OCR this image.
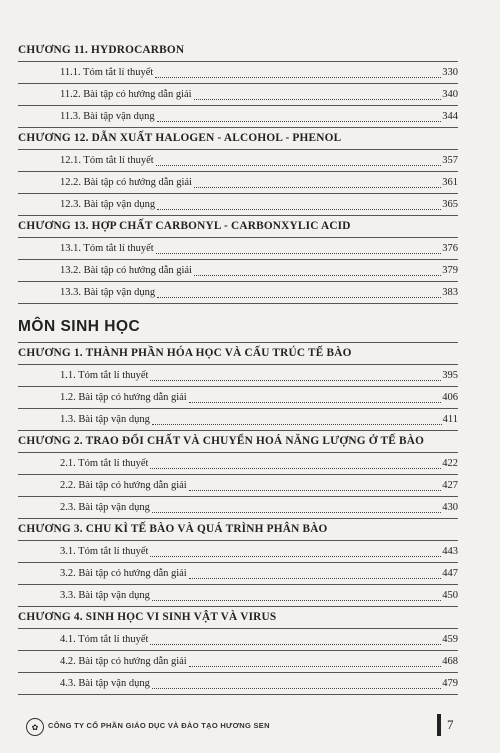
CHƯƠNG 11. HYDROCARBON
11.1. Tóm tắt lí thuyết	330
11.2. Bài tập có hướng dẫn giải	340
11.3. Bài tập vận dụng	344
CHƯƠNG 12. DẪN XUẤT HALOGEN - ALCOHOL - PHENOL
12.1. Tóm tắt lí thuyết	357
12.2. Bài tập có hướng dẫn giải	361
12.3. Bài tập vận dụng	365
CHƯƠNG 13. HỢP CHẤT CARBONYL - CARBONXYLIC ACID
13.1. Tóm tắt lí thuyết	376
13.2. Bài tập có hướng dẫn giải	379
13.3. Bài tập vận dụng	383
MÔN SINH HỌC
CHƯƠNG 1. THÀNH PHẦN HÓA HỌC VÀ CẤU TRÚC TẾ BÀO
1.1. Tóm tắt lí thuyết	395
1.2. Bài tập có hướng dẫn giải	406
1.3. Bài tập vận dụng	411
CHƯƠNG 2. TRAO ĐỔI CHẤT VÀ CHUYỂN HOÁ NĂNG LƯỢNG Ở TẾ BÀO
2.1. Tóm tắt lí thuyết	422
2.2. Bài tập có hướng dẫn giải	427
2.3. Bài tập vận dụng	430
CHƯƠNG 3. CHU KÌ TẾ BÀO VÀ QUÁ TRÌNH PHÂN BÀO
3.1. Tóm tắt lí thuyết	443
3.2. Bài tập có hướng dẫn giải	447
3.3. Bài tập vận dụng	450
CHƯƠNG 4. SINH HỌC VI SINH VẬT VÀ VIRUS
4.1. Tóm tắt lí thuyết	459
4.2. Bài tập có hướng dẫn giải	468
4.3. Bài tập vận dụng	479
✿	CÔNG TY CỔ PHẦN GIÁO DỤC VÀ ĐÀO TẠO HƯƠNG SEN	7
